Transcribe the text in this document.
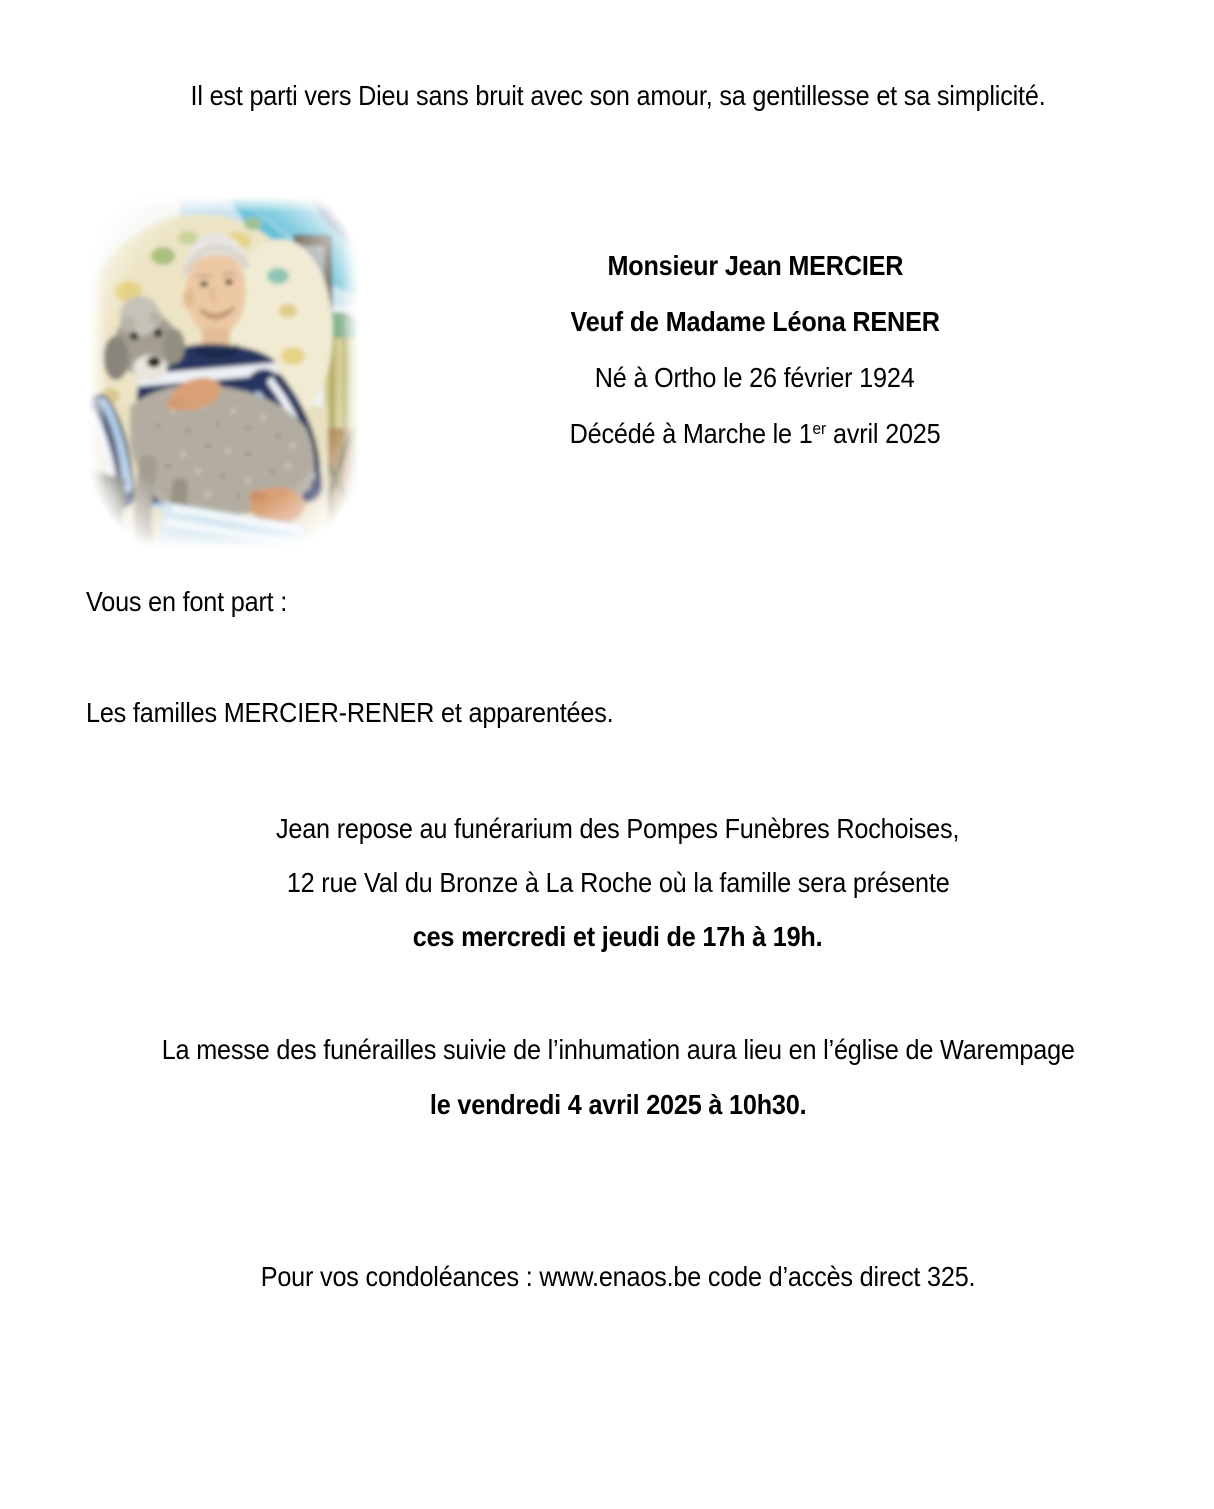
Il est parti vers Dieu sans bruit avec son amour, sa gentillesse et sa simplicité.
Monsieur Jean MERCIER
Veuf de Madame Léona RENER
Né à Ortho le 26 février 1924
Décédé à Marche le 1er avril 2025
Vous en font part :
Les familles MERCIER-RENER et apparentées.
Jean repose au funérarium des Pompes Funèbres Rochoises,
12 rue Val du Bronze à La Roche où la famille sera présente
ces mercredi et jeudi de 17h à 19h.
La messe des funérailles suivie de l’inhumation aura lieu en l’église de Warempage
le vendredi 4 avril 2025 à 10h30.
Pour vos condoléances : www.enaos.be code d’accès direct 325.
